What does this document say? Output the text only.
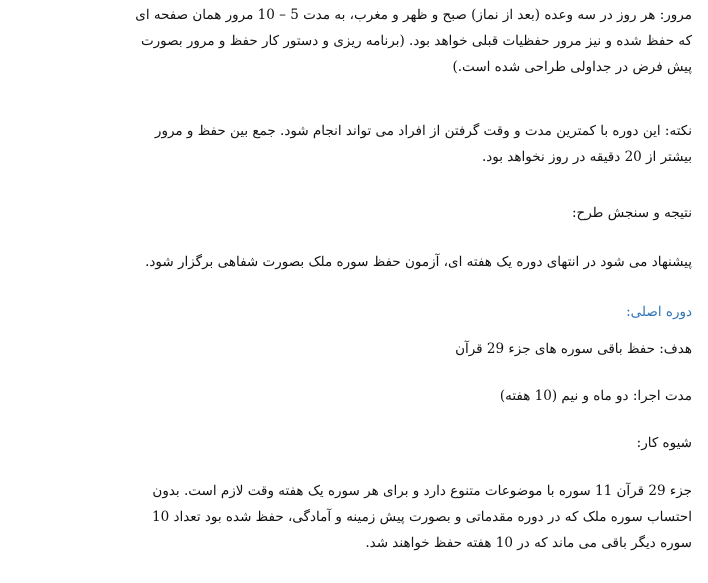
مرور: هر روز در سه وعده (بعد از نماز) صبح و ظهر و مغرب، به مدت 5 – 10 مرور همان صفحه ای
که حفظ شده و نیز مرور حفظیات قبلی خواهد بود. (برنامه ریزی و دستور کار حفظ و مرور بصورت
پیش فرض در جداولی طراحی شده است.)
نکته: این دوره با کمترین مدت و وقت گرفتن از افراد می تواند انجام شود. جمع بین حفظ و مرور
بیشتر از 20 دقیقه در روز نخواهد بود.
نتیجه و سنجش طرح:
پیشنهاد می شود در انتهای دوره یک هفته ای، آزمون حفظ سوره ملک بصورت شفاهی برگزار شود.
دوره اصلی:
هدف: حفظ باقی سوره های جزء 29 قرآن
مدت اجرا: دو ماه و نیم (10 هفته)
شیوه کار:
جزء 29 قرآن 11 سوره با موضوعات متنوع دارد و برای هر سوره یک هفته وقت لازم است. بدون
احتساب سوره ملک که در دوره مقدماتی و بصورت پیش زمینه و آمادگی، حفظ شده بود تعداد 10
سوره دیگر باقی می ماند که در 10 هفته حفظ خواهند شد.
